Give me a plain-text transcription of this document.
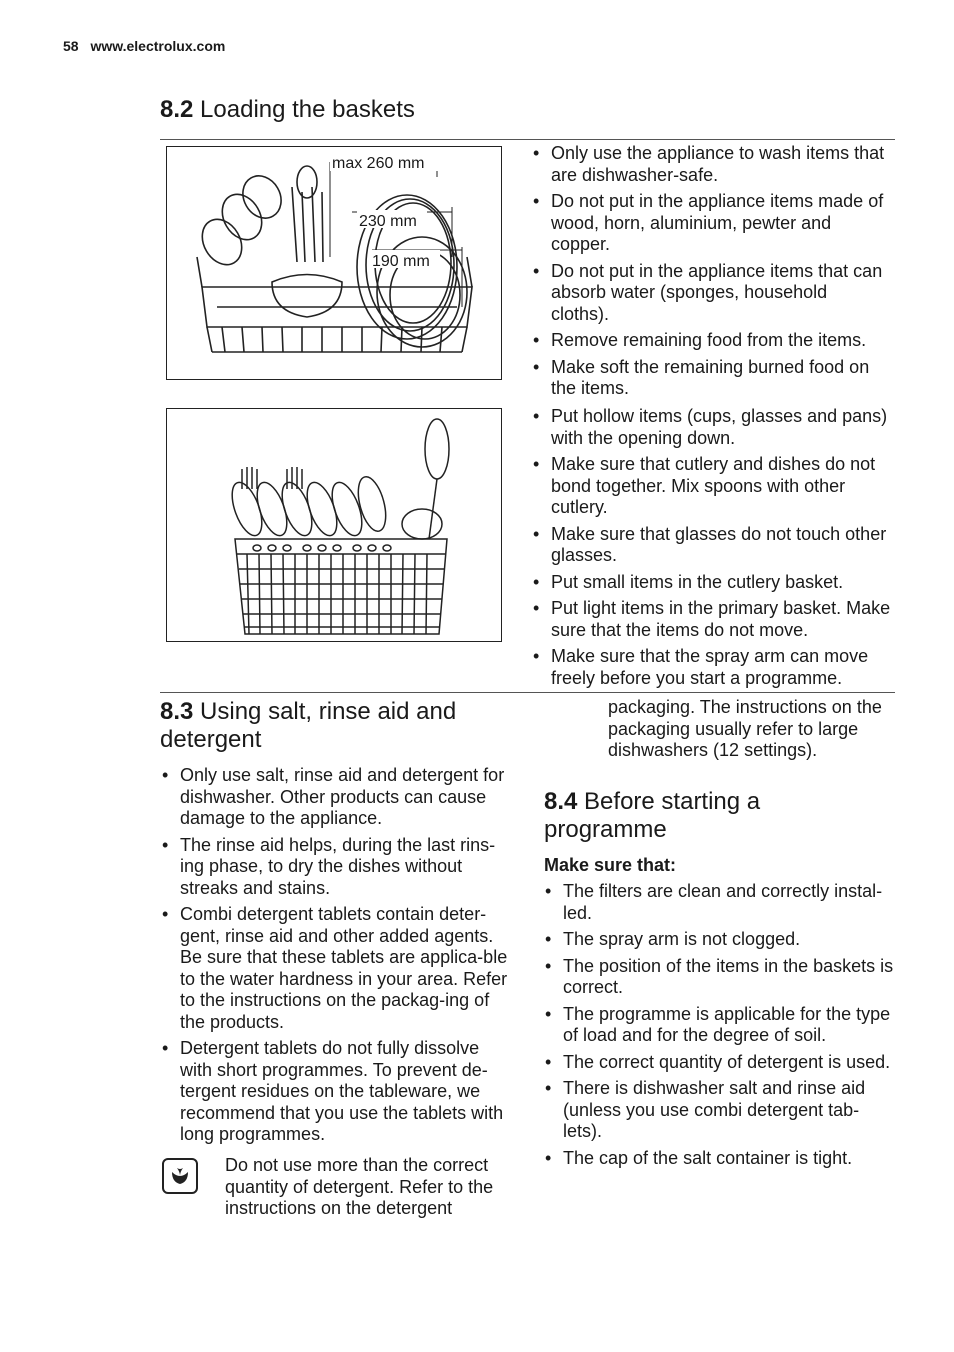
58 www.electrolux.com
8.2 Loading the baskets
max 260 mm
230 mm
190 mm
• Only use the appliance to wash items that are dishwasher-safe.
• Do not put in the appliance items made of wood, horn, aluminium, pewter and copper.
• Do not put in the appliance items that can absorb water (sponges, household cloths).
• Remove remaining food from the items.
• Make soft the remaining burned food on the items.
• Put hollow items (cups, glasses and pans) with the opening down.
• Make sure that cutlery and dishes do not bond together. Mix spoons with other cutlery.
• Make sure that glasses do not touch other glasses.
• Put small items in the cutlery basket.
• Put light items in the primary basket. Make sure that the items do not move.
• Make sure that the spray arm can move freely before you start a programme.
8.3 Using salt, rinse aid and detergent
• Only use salt, rinse aid and detergent for dishwasher. Other products can cause damage to the appliance.
• The rinse aid helps, during the last rins-ing phase, to dry the dishes without streaks and stains.
• Combi detergent tablets contain deter-gent, rinse aid and other added agents. Be sure that these tablets are applica-ble to the water hardness in your area. Refer to the instructions on the packag-ing of the products.
• Detergent tablets do not fully dissolve with short programmes. To prevent de-tergent residues on the tableware, we recommend that you use the tablets with long programmes.
Do not use more than the correct quantity of detergent. Refer to the instructions on the detergent
packaging. The instructions on the packaging usually refer to large dishwashers (12 settings).
8.4 Before starting a programme
Make sure that:
• The filters are clean and correctly instal-led.
• The spray arm is not clogged.
• The position of the items in the baskets is correct.
• The programme is applicable for the type of load and for the degree of soil.
• The correct quantity of detergent is used.
• There is dishwasher salt and rinse aid (unless you use combi detergent tab-lets).
• The cap of the salt container is tight.
